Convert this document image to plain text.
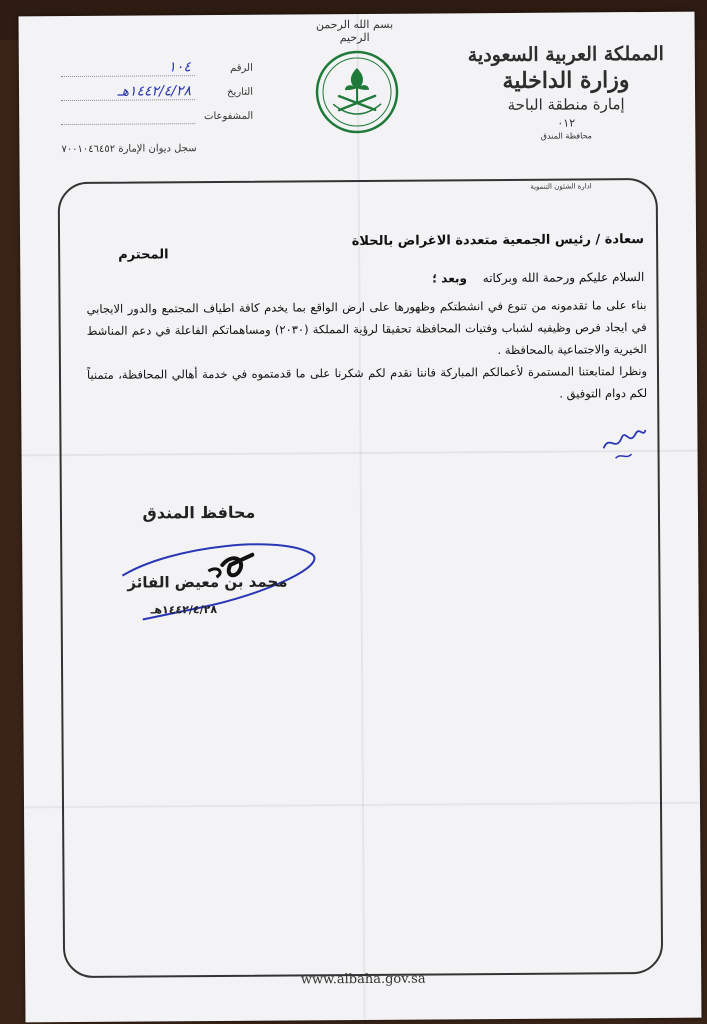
بسم الله الرحمن الرحيم
المملكة العربية السعودية
وزارة الداخلية
إمارة منطقة الباحة
٠١٢
محافظة المندق
الرقم
١٠٤
التاريخ
١٤٤٢/٤/٢٨هـ
المشفوعات
سجل ديوان الإمارة ٧٠٠١٠٤٦٤٥٢
ادارة الشئون التنموية
سعادة / رئيس الجمعية متعددة الاغراض بالحلاة
المحترم
السلام عليكم ورحمة الله وبركاته وبعد ؛

بناء على ما تقدمونه من تنوع في انشطتكم وظهورها على ارض الواقع بما يخدم كافة اطياف المجتمع والدور الايجابي في ايجاد فرص وظيفيه لشباب وفتيات المحافظة تحقيقا لرؤية المملكة (٢٠٣٠) ومساهماتكم الفاعلة في دعم المناشط الخيرية والاجتماعية بالمحافظة .

ونظرا لمتابعتنا المستمرة لأعمالكم المباركة فاننا نقدم لكم شكرنا على ما قدمتموه في خدمة أهالي المحافظة، متمنياً لكم دوام التوفيق .

محافظ المندق
محمد بن معيض الفائز
١٤٤٢/٤/٢٨هـ
www.albaha.gov.sa
